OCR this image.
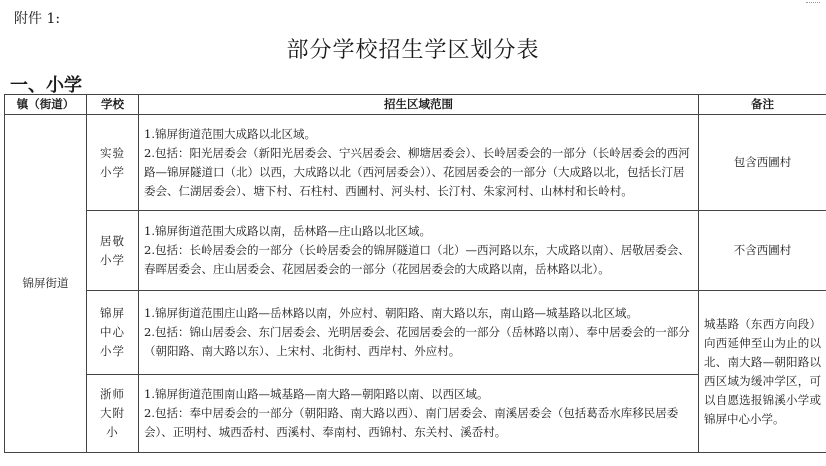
附件 1:
部分学校招生学区划分表
一、小学
镇（街道）	学校	招生区域范围	备注
锦屏街道	实验小学	1.锦屏街道范围大成路以北区域。
2.包括：阳光居委会（新阳光居委会、宁兴居委会、柳塘居委会）、长岭居委会的一部分（长岭居委会的西河路—锦屏隧道口（北）以西，大成路以北（西河居委会））、花园居委会的一部分（大成路以北，包括长汀居委会、仁湖居委会）、塘下村、石柱村、西圃村、河头村、长汀村、朱家河村、山林村和长岭村。	包含西圃村
	居敬小学	1.锦屏街道范围大成路以南，岳林路—庄山路以北区域。
2.包括：长岭居委会的一部分（长岭居委会的锦屏隧道口（北）—西河路以东，大成路以南）、居敬居委会、春晖居委会、庄山居委会、花园居委会的一部分（花园居委会的大成路以南，岳林路以北）。	不含西圃村
	锦屏中心小学	1.锦屏街道范围庄山路—岳林路以南，外应村、朝阳路、南大路以东，南山路—城基路以北区域。
2.包括：锦山居委会、东门居委会、光明居委会、花园居委会的一部分（岳林路以南）、奉中居委会的一部分（朝阳路、南大路以东）、上宋村、北街村、西岸村、外应村。	城基路（东西方向段）向西延伸至山为止的以北、南大路—朝阳路以西区域为缓冲学区，可以自愿选报锦溪小学或锦屏中心小学。
	浙师大附小	1.锦屏街道范围南山路—城基路—南大路—朝阳路以南、以西区域。
2.包括：奉中居委会的一部分（朝阳路、南大路以西）、南门居委会、南溪居委会（包括葛岙水库移民居委会）、正明村、城西岙村、西溪村、奉南村、西锦村、东关村、溪岙村。	
